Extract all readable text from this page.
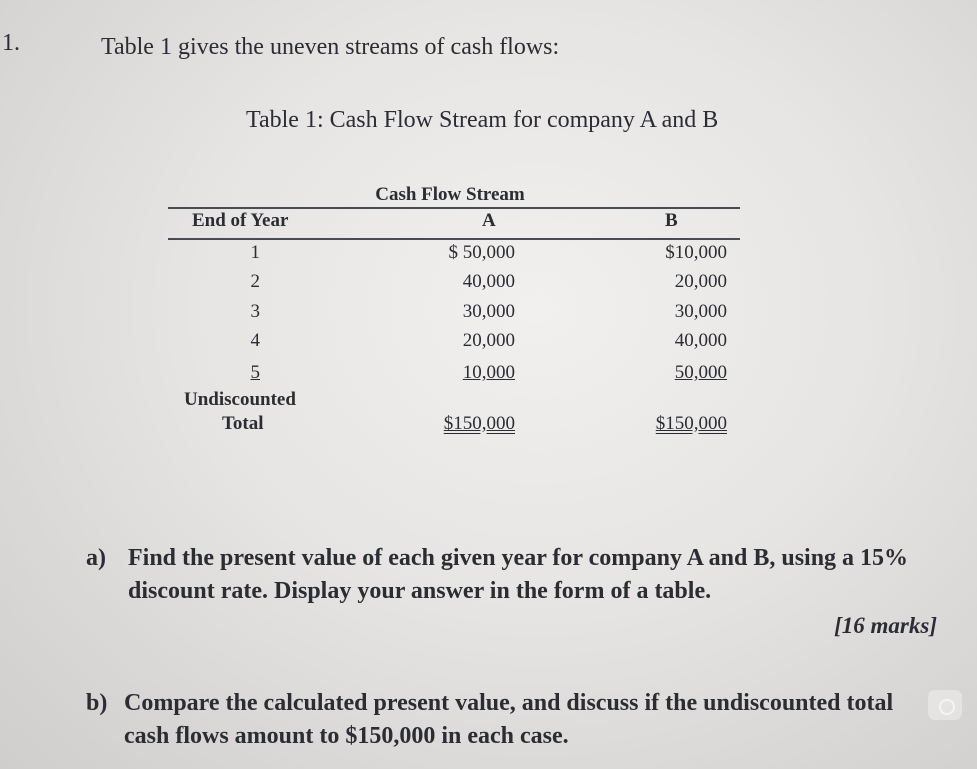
1.	Table 1 gives the uneven streams of cash flows:
Table 1: Cash Flow Stream for company A and B
Cash Flow Stream
End of Year	A	B
1	$ 50,000	$10,000
2	40,000	20,000
3	30,000	30,000
4	20,000	40,000
5	10,000	50,000
Undiscounted
Total	$150,000	$150,000
a) Find the present value of each given year for company A and B, using a 15% discount rate. Display your answer in the form of a table.
[16 marks]
b) Compare the calculated present value, and discuss if the undiscounted total cash flows amount to $150,000 in each case.
